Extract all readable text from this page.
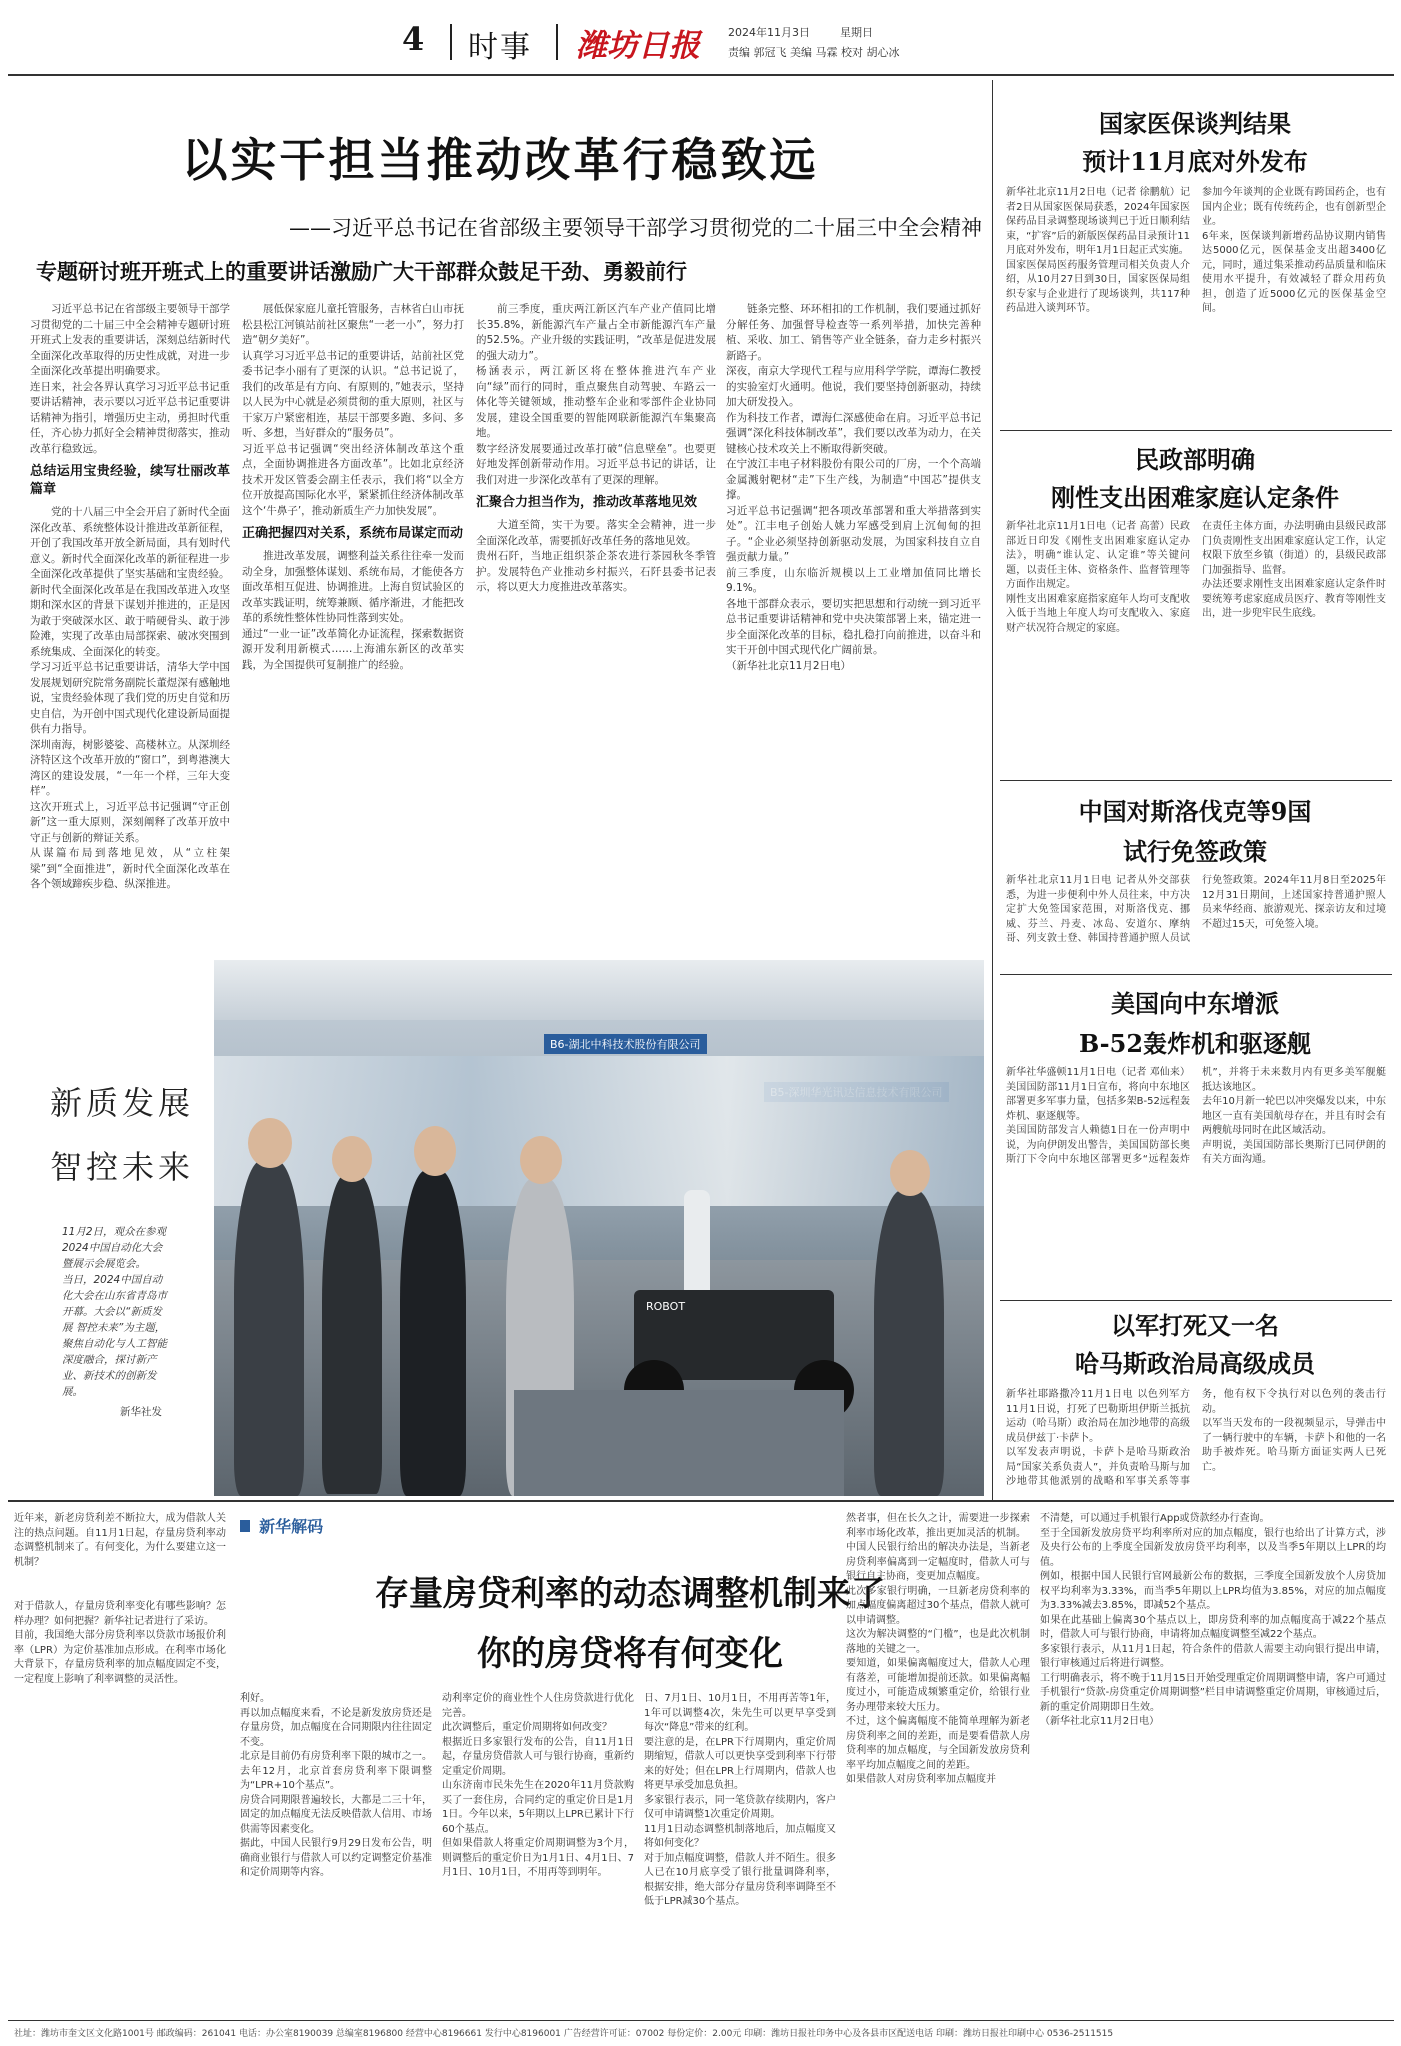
4 时事 潍坊日报	2024年11月3日	星期日
责编 郭冠飞 美编 马霖 校对 胡心冰
以实干担当推动改革行稳致远
——习近平总书记在省部级主要领导干部学习贯彻党的二十届三中全会精神
专题研讨班开班式上的重要讲话激励广大干部群众鼓足干劲、勇毅前行

习近平总书记在省部级主要领导干部学习贯彻党的二十届三中全会精神专题研讨班开班式上发表的重要讲话，深刻总结新时代全面深化改革取得的历史性成就，对进一步全面深化改革提出明确要求。
连日来，社会各界认真学习习近平总书记重要讲话精神，表示要以习近平总书记重要讲话精神为指引，增强历史主动，勇担时代重任，齐心协力抓好全会精神贯彻落实，推动改革行稳致远。

总结运用宝贵经验，续写壮丽改革篇章

党的十八届三中全会开启了新时代全面深化改革、系统整体设计推进改革新征程，开创了我国改革开放全新局面，具有划时代意义。新时代全面深化改革的新征程进一步全面深化改革提供了坚实基础和宝贵经验。
新时代全面深化改革是在我国改革进入攻坚期和深水区的背景下谋划并推进的，正是因为敢于突破深水区、敢于啃硬骨头、敢于涉险滩，实现了改革由局部探索、破冰突围到系统集成、全面深化的转变。
学习习近平总书记重要讲话，清华大学中国发展规划研究院常务副院长董煜深有感触地说，宝贵经验体现了我们党的历史自觉和历史自信，为开创中国式现代化建设新局面提供有力指导。
深圳南海，树影婆娑、高楼林立。从深圳经济特区这个改革开放的“窗口”，到粤港澳大湾区的建设发展，“一年一个样，三年大变样”。
这次开班式上，习近平总书记强调“守正创新”这一重大原则，深刻阐释了改革开放中守正与创新的辩证关系。
从谋篇布局到落地见效，从“立柱架梁”到“全面推进”，新时代全面深化改革在各个领域蹄疾步稳、纵深推进。

展低保家庭儿童托管服务，吉林省白山市抚松县松江河镇站前社区聚焦“一老一小”，努力打造“朝夕美好”。
认真学习习近平总书记的重要讲话，站前社区党委书记李小丽有了更深的认识。“总书记说了，我们的改革是有方向、有原则的，”她表示，坚持以人民为中心就是必须贯彻的重大原则，社区与干家万户紧密相连，基层干部要多跑、多问、多听、多想，当好群众的“服务员”。
习近平总书记强调“突出经济体制改革这个重点，全面协调推进各方面改革”。比如北京经济技术开发区管委会副主任表示，我们将“以全方位开放提高国际化水平，紧紧抓住经济体制改革这个‘牛鼻子’，推动新质生产力加快发展”。

正确把握四对关系，系统布局谋定而动

推进改革发展，调整利益关系往往牵一发而动全身，加强整体谋划、系统布局，才能使各方面改革相互促进、协调推进。上海自贸试验区的改革实践证明，统筹兼顾、循序渐进，才能把改革的系统性整体性协同性落到实处。
通过“一业一证”改革简化办证流程，探索数据资源开发利用新模式……上海浦东新区的改革实践，为全国提供可复制推广的经验。

前三季度，重庆两江新区汽车产业产值同比增长35.8%，新能源汽车产量占全市新能源汽车产量的52.5%。产业升级的实践证明，“改革是促进发展的强大动力”。
杨涵表示，两江新区将在整体推进汽车产业向“绿”而行的同时，重点聚焦自动驾驶、车路云一体化等关键领域，推动整车企业和零部件企业协同发展，建设全国重要的智能网联新能源汽车集聚高地。
数字经济发展要通过改革打破“信息壁垒”。也要更好地发挥创新带动作用。习近平总书记的讲话，让我们对进一步深化改革有了更深的理解。

汇聚合力担当作为，推动改革落地见效

大道至简，实干为要。落实全会精神，进一步全面深化改革，需要抓好改革任务的落地见效。
贵州石阡，当地正组织茶企茶农进行茶园秋冬季管护。发展特色产业推动乡村振兴，石阡县委书记表示，将以更大力度推进改革落实。

链条完整、环环相扣的工作机制，我们要通过抓好分解任务、加强督导检查等一系列举措，加快完善种植、采收、加工、销售等产业全链条，奋力走乡村振兴新路子。
深夜，南京大学现代工程与应用科学学院，谭海仁教授的实验室灯火通明。他说，我们要坚持创新驱动，持续加大研发投入。
作为科技工作者，谭海仁深感使命在肩。习近平总书记强调“深化科技体制改革”，我们要以改革为动力，在关键核心技术攻关上不断取得新突破。
在宁波江丰电子材料股份有限公司的厂房，一个个高端金属溅射靶材“走”下生产线，为制造“中国芯”提供支撑。
习近平总书记强调“把各项改革部署和重大举措落到实处”。江丰电子创始人姚力军感受到肩上沉甸甸的担子。“企业必须坚持创新驱动发展，为国家科技自立自强贡献力量。”
前三季度，山东临沂规模以上工业增加值同比增长9.1%。
各地干部群众表示，要切实把思想和行动统一到习近平总书记重要讲话精神和党中央决策部署上来，锚定进一步全面深化改革的目标，稳扎稳打向前推进，以奋斗和实干开创中国式现代化广阔前景。
（新华社北京11月2日电）

新质发展
智控未来
11月2日，观众在参观2024中国自动化大会暨展示会展览会。
当日，2024中国自动化大会在山东省青岛市开幕。大会以“新质发展 智控未来”为主题，聚焦自动化与人工智能深度融合，探讨新产业、新技术的创新发展。
新华社发
B6-湖北中科技术股份有限公司
ROBOT
国家医保谈判结果
预计11月底对外发布
新华社北京11月2日电（记者 徐鹏航）记者2日从国家医保局获悉，2024年国家医保药品目录调整现场谈判已于近日顺利结束，“扩容”后的新版医保药品目录预计11月底对外发布，明年1月1日起正式实施。
国家医保局医药服务管理司相关负责人介绍，从10月27日到30日，国家医保局组织专家与企业进行了现场谈判，共117种药品进入谈判环节。
参加今年谈判的企业既有跨国药企，也有国内企业；既有传统药企，也有创新型企业。
6年来，医保谈判新增药品协议期内销售达5000亿元，医保基金支出超3400亿元，同时，通过集采推动药品质量和临床使用水平提升，有效减轻了群众用药负担，创造了近5000亿元的医保基金空间。
民政部明确
刚性支出困难家庭认定条件
新华社北京11月1日电（记者 高蕾）民政部近日印发《刚性支出困难家庭认定办法》，明确“谁认定、认定谁”等关键问题，以责任主体、资格条件、监督管理等方面作出规定。
刚性支出困难家庭指家庭年人均可支配收入低于当地上年度人均可支配收入、家庭财产状况符合规定的家庭。
在责任主体方面，办法明确由县级民政部门负责刚性支出困难家庭认定工作，认定权限下放至乡镇（街道）的，县级民政部门加强指导、监督。
办法还要求刚性支出困难家庭认定条件时要统筹考虑家庭成员医疗、教育等刚性支出，进一步兜牢民生底线。
中国对斯洛伐克等9国
试行免签政策
新华社北京11月1日电 记者从外交部获悉，为进一步便利中外人员往来，中方决定扩大免签国家范围，对斯洛伐克、挪威、芬兰、丹麦、冰岛、安道尔、摩纳哥、列支敦士登、韩国持普通护照人员试行免签政策。2024年11月8日至2025年12月31日期间，上述国家持普通护照人员来华经商、旅游观光、探亲访友和过境不超过15天，可免签入境。
美国向中东增派
B-52轰炸机和驱逐舰
新华社华盛顿11月1日电（记者 邓仙来）美国国防部11月1日宣布，将向中东地区部署更多军事力量，包括多架B-52远程轰炸机、驱逐舰等。
美国国防部发言人赖德1日在一份声明中说，为向伊朗发出警告，美国国防部长奥斯汀下令向中东地区部署更多“远程轰炸机”，并将于未来数月内有更多美军舰艇抵达该地区。
去年10月新一轮巴以冲突爆发以来，中东地区一直有美国航母存在，并且有时会有两艘航母同时在此区域活动。
声明说，美国国防部长奥斯汀已同伊朗的有关方面沟通。
以军打死又一名
哈马斯政治局高级成员
新华社耶路撒冷11月1日电 以色列军方11月1日说，打死了巴勒斯坦伊斯兰抵抗运动（哈马斯）政治局在加沙地带的高级成员伊兹丁·卡萨卜。
以军发表声明说，卡萨卜是哈马斯政治局“国家关系负责人”，并负责哈马斯与加沙地带其他派别的战略和军事关系等事务，他有权下令执行对以色列的袭击行动。
以军当天发布的一段视频显示，导弹击中了一辆行驶中的车辆，卡萨卜和他的一名助手被炸死。哈马斯方面证实两人已死亡。
新华解码
存量房贷利率的动态调整机制来了
你的房贷将有何变化
近年来，新老房贷利差不断拉大，成为借款人关注的热点问题。自11月1日起，存量房贷利率动态调整机制来了。有何变化，为什么要建立这一机制？
对于借款人，存量房贷利率变化有哪些影响？怎样办理？如何把握？新华社记者进行了采访。
目前，我国绝大部分房贷利率以贷款市场报价利率（LPR）为定价基准加点形成。在利率市场化大背景下，存量房贷利率的加点幅度固定不变，一定程度上影响了利率调整的灵活性。
利好。
再以加点幅度来看，不论是新发放房贷还是存量房贷，加点幅度在合同期限内往往固定不变。
北京是目前仍有房贷利率下限的城市之一。去年12月，北京首套房贷利率下限调整为“LPR+10个基点”。
房贷合同期限普遍较长，大都是二三十年，固定的加点幅度无法反映借款人信用、市场供需等因素变化。
据此，中国人民银行9月29日发布公告，明确商业银行与借款人可以约定调整定价基准和定价周期等内容。
动利率定价的商业性个人住房贷款进行优化完善。
此次调整后，重定价周期将如何改变？
根据近日多家银行发布的公告，自11月1日起，存量房贷借款人可与银行协商，重新约定重定价周期。
山东济南市民朱先生在2020年11月贷款购买了一套住房，合同约定的重定价日是1月1日。今年以来，5年期以上LPR已累计下行60个基点。
但如果借款人将重定价周期调整为3个月，则调整后的重定价日为1月1日、4月1日、7月1日、10月1日，不用再等到明年。
日、7月1日、10月1日，不用再苦等1年，1年可以调整4次，朱先生可以更早享受到每次“降息”带来的红利。
要注意的是，在LPR下行周期内，重定价周期缩短，借款人可以更快享受到利率下行带来的好处；但在LPR上行周期内，借款人也将更早承受加息负担。
多家银行表示，同一笔贷款存续期内，客户仅可申请调整1次重定价周期。
11月1日动态调整机制落地后，加点幅度又将如何变化？
对于加点幅度调整，借款人并不陌生。很多人已在10月底享受了银行批量调降利率，根据安排，绝大部分存量房贷利率调降至不低于LPR减30个基点。
然者事，但在长久之计，需要进一步探索利率市场化改革，推出更加灵活的机制。
中国人民银行给出的解决办法是，当新老房贷利率偏离到一定幅度时，借款人可与银行自主协商，变更加点幅度。
此次多家银行明确，一旦新老房贷利率的加点幅度偏离超过30个基点，借款人就可以申请调整。
这次为解决调整的“门槛”，也是此次机制落地的关键之一。
要知道，如果偏离幅度过大，借款人心理有落差，可能增加提前还款。如果偏离幅度过小，可能造成频繁重定价，给银行业务办理带来较大压力。
不过，这个偏离幅度不能简单理解为新老房贷利率之间的差距，而是要看借款人房贷利率的加点幅度，与全国新发放房贷利率平均加点幅度之间的差距。
如果借款人对房贷利率加点幅度并
不清楚，可以通过手机银行App或贷款经办行查询。
至于全国新发放房贷平均利率所对应的加点幅度，银行也给出了计算方式，涉及央行公布的上季度全国新发放房贷平均利率，以及当季5年期以上LPR的均值。
例如，根据中国人民银行官网最新公布的数据，三季度全国新发放个人房贷加权平均利率为3.33%，而当季5年期以上LPR均值为3.85%，对应的加点幅度为3.33%减去3.85%，即减52个基点。
如果在此基础上偏离30个基点以上，即房贷利率的加点幅度高于减22个基点时，借款人可与银行协商，申请将加点幅度调整至减22个基点。
多家银行表示，从11月1日起，符合条件的借款人需要主动向银行提出申请，银行审核通过后将进行调整。
工行明确表示，将不晚于11月15日开始受理重定价周期调整申请，客户可通过手机银行“贷款-房贷重定价周期调整”栏目申请调整重定价周期，审核通过后，新的重定价周期即日生效。
（新华社北京11月2日电）
社址：潍坊市奎文区文化路1001号 邮政编码：261041 电话：办公室8190039 总编室8196800 经营中心8196661 发行中心8196001 广告经营许可证：07002 每份定价：2.00元 印刷：潍坊日报社印务中心及各县市区配送电话 印刷：潍坊日报社印刷中心 0536-2511515
